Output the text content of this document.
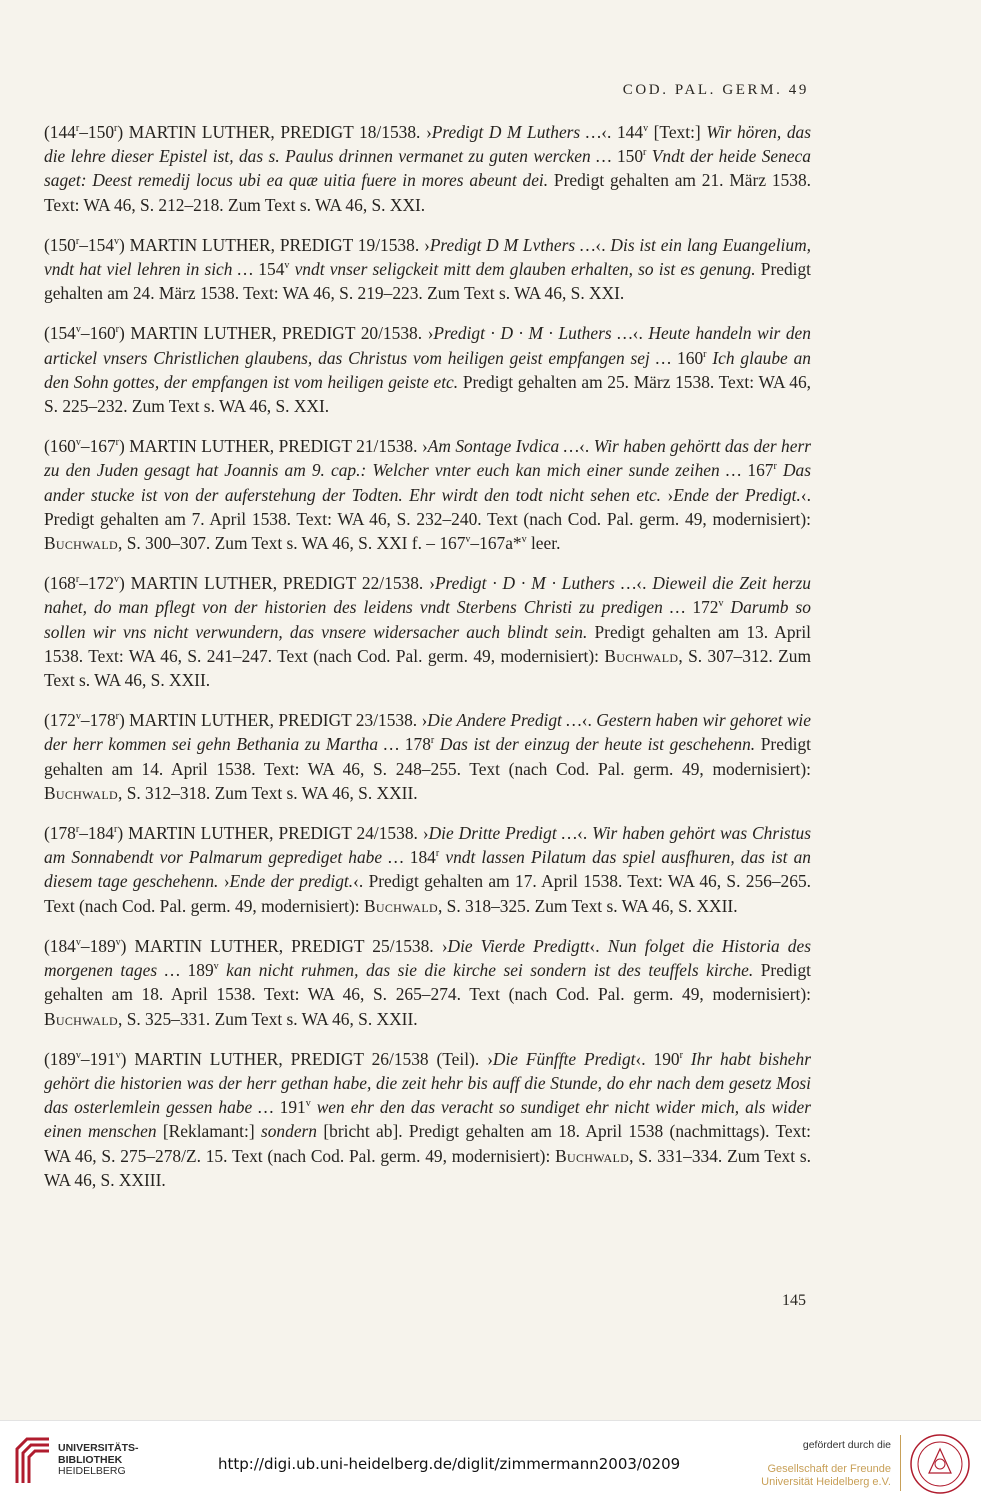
COD. PAL. GERM. 49

(144$^r$–150$^r$) MARTIN LUTHER, PREDIGT 18/1538. ›Predigt D M Luthers …‹. 144$^v$ [Text:] Wir hören, das die lehre dieser Epistel ist, das s. Paulus drinnen vermanet zu guten wercken … 150$^r$ Vndt der heide Seneca saget: Deest remedij locus ubi ea quæ uitia fuere in mores abeunt dei. Predigt gehalten am 21. März 1538. Text: WA 46, S. 212–218. Zum Text s. WA 46, S. XXI.

(150$^r$–154$^v$) MARTIN LUTHER, PREDIGT 19/1538. ›Predigt D M Lvthers …‹. Dis ist ein lang Euangelium, vndt hat viel lehren in sich … 154$^v$ vndt vnser seligckeit mitt dem glauben erhalten, so ist es genung. Predigt gehalten am 24. März 1538. Text: WA 46, S. 219–223. Zum Text s. WA 46, S. XXI.

(154$^v$–160$^r$) MARTIN LUTHER, PREDIGT 20/1538. ›Predigt · D · M · Luthers …‹. Heute handeln wir den artickel vnsers Christlichen glaubens, das Christus vom heiligen geist empfangen sej … 160$^r$ Ich glaube an den Sohn gottes, der empfangen ist vom heiligen geiste etc. Predigt gehalten am 25. März 1538. Text: WA 46, S. 225–232. Zum Text s. WA 46, S. XXI.

(160$^v$–167$^r$) MARTIN LUTHER, PREDIGT 21/1538. ›Am Sontage Ivdica …‹. Wir haben gehörtt das der herr zu den Juden gesagt hat Joannis am 9. cap.: Welcher vnter euch kan mich einer sunde zeihen … 167$^r$ Das ander stucke ist von der auferstehung der Todten. Ehr wirdt den todt nicht sehen etc. ›Ende der Predigt.‹. Predigt gehalten am 7. April 1538. Text: WA 46, S. 232–240. Text (nach Cod. Pal. germ. 49, modernisiert): Buchwald, S. 300–307. Zum Text s. WA 46, S. XXI f. – 167$^v$–167a*$^v$ leer.

(168$^r$–172$^v$) MARTIN LUTHER, PREDIGT 22/1538. ›Predigt · D · M · Luthers …‹. Dieweil die Zeit herzu nahet, do man pflegt von der historien des leidens vndt Sterbens Christi zu predigen … 172$^v$ Darumb so sollen wir vns nicht verwundern, das vnsere widersacher auch blindt sein. Predigt gehalten am 13. April 1538. Text: WA 46, S. 241–247. Text (nach Cod. Pal. germ. 49, modernisiert): Buchwald, S. 307–312. Zum Text s. WA 46, S. XXII.

(172$^v$–178$^r$) MARTIN LUTHER, PREDIGT 23/1538. ›Die Andere Predigt …‹. Gestern haben wir gehoret wie der herr kommen sei gehn Bethania zu Martha … 178$^r$ Das ist der einzug der heute ist geschehenn. Predigt gehalten am 14. April 1538. Text: WA 46, S. 248–255. Text (nach Cod. Pal. germ. 49, modernisiert): Buchwald, S. 312–318. Zum Text s. WA 46, S. XXII.

(178$^r$–184$^r$) MARTIN LUTHER, PREDIGT 24/1538. ›Die Dritte Predigt …‹. Wir haben gehört was Christus am Sonnabendt vor Palmarum geprediget habe … 184$^r$ vndt lassen Pilatum das spiel ausfhuren, das ist an diesem tage geschehenn. ›Ende der predigt.‹. Predigt gehalten am 17. April 1538. Text: WA 46, S. 256–265. Text (nach Cod. Pal. germ. 49, modernisiert): Buchwald, S. 318–325. Zum Text s. WA 46, S. XXII.

(184$^v$–189$^v$) MARTIN LUTHER, PREDIGT 25/1538. ›Die Vierde Predigtt‹. Nun folget die Historia des morgenen tages … 189$^v$ kan nicht ruhmen, das sie die kirche sei sondern ist des teuffels kirche. Predigt gehalten am 18. April 1538. Text: WA 46, S. 265–274. Text (nach Cod. Pal. germ. 49, modernisiert): Buchwald, S. 325–331. Zum Text s. WA 46, S. XXII.

(189$^v$–191$^v$) MARTIN LUTHER, PREDIGT 26/1538 (Teil). ›Die Fünffte Predigt‹. 190$^r$ Ihr habt bishehr gehört die historien was der herr gethan habe, die zeit hehr bis auff die Stunde, do ehr nach dem gesetz Mosi das osterlemlein gessen habe … 191$^v$ wen ehr den das veracht so sundiget ehr nicht wider mich, als wider einen menschen [Reklamant:] sondern [bricht ab]. Predigt gehalten am 18. April 1538 (nachmittags). Text: WA 46, S. 275–278/Z. 15. Text (nach Cod. Pal. germ. 49, modernisiert): Buchwald, S. 331–334. Zum Text s. WA 46, S. XXIII.

145
UNIVERSITÄTS-
BIBLIOTHEK
HEIDELBERG	http://digi.ub.uni-heidelberg.de/diglit/zimmermann2003/0209
gefördert durch die
Gesellschaft der Freunde
Universität Heidelberg e.V.
